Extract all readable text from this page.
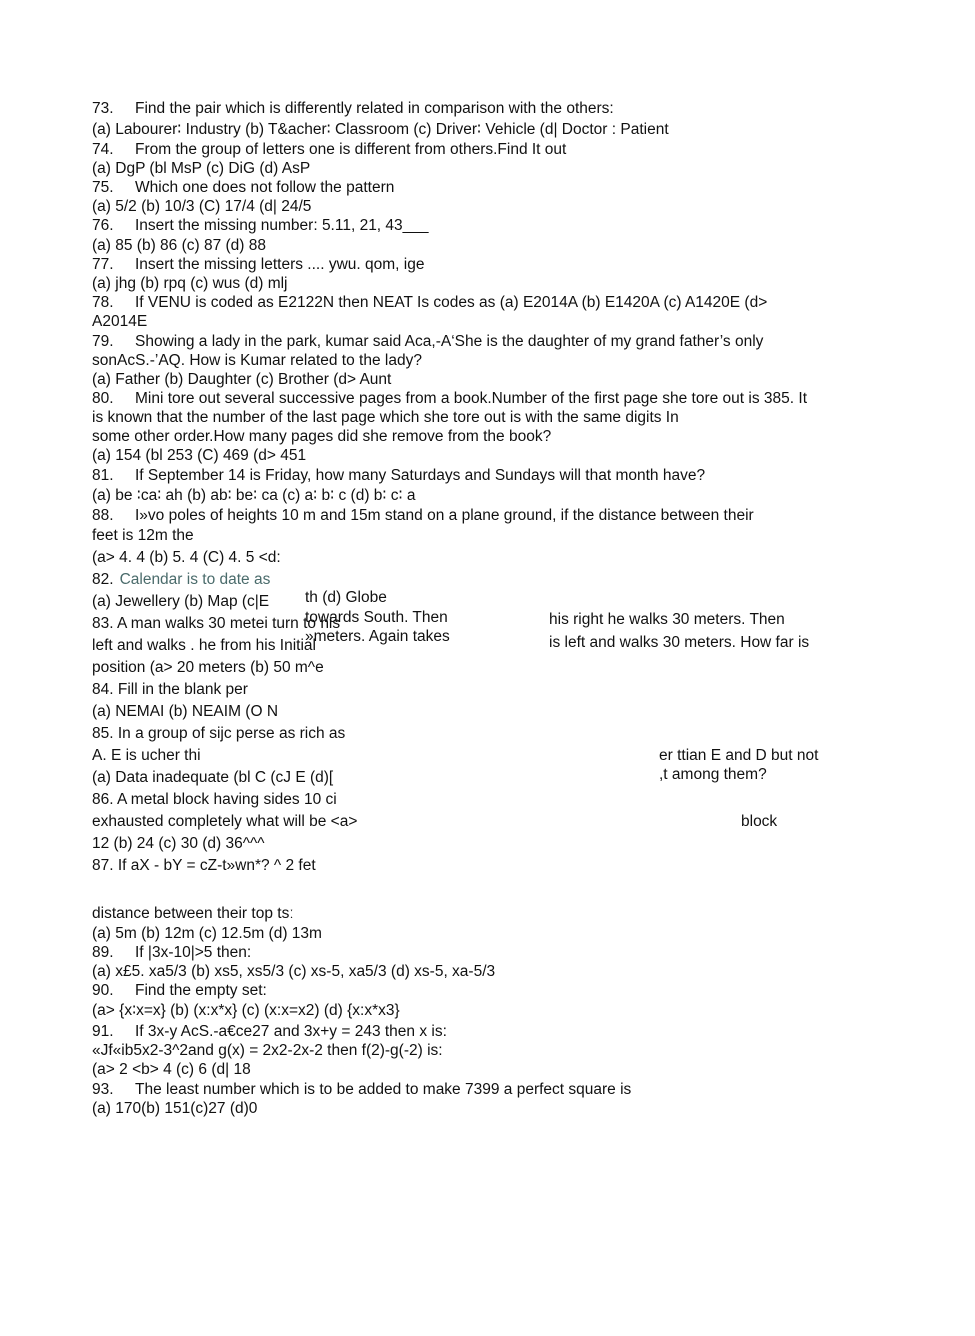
73. Find the pair which is differently related in comparison with the others:
(a) Labourer∶ Industry (b) T&acher∶ Classroom (c) Driver∶ Vehicle (d| Doctor : Patient
74. From the group of letters one is different from others.Find It out
(a) DgP (bl MsP (c) DiG (d) AsP
75. Which one does not follow the pattern
(a) 5/2 (b) 10/3 (C) 17/4 (d| 24/5
76. Insert the missing number: 5.11, 21, 43___
(a) 85 (b) 86 (c) 87 (d) 88
77. Insert the missing letters .... ywu. qom, ige
(a) jhg (b) rpq (c) wus (d) mlj
78. If VENU is coded as E2122N then NEAT Is codes as (a) E2014A (b) E1420A (c) A1420E (d>
A2014E
79. Showing a lady in the park, kumar said Aca,-A‘She is the daughter of my grand father’s only
sonAcS.-’AQ. How is Kumar related to the lady?
(a) Father (b) Daughter (c) Brother (d> Aunt
80. Mini tore out several successive pages from a book.Number of the first page she tore out is 385. It
is known that the number of the last page which she tore out is with the same digits In
some other order.How many pages did she remove from the book?
(a) 154 (bl 253 (C) 469 (d> 451
81. If September 14 is Friday, how many Saturdays and Sundays will that month have?
(a) be ∶ca∶ ah (b) ab∶ be∶ ca (c) a∶ b∶ c (d) b∶ c∶ a
88. I»vo poles of heights 10 m and 15m stand on a plane ground, if the distance between their
feet is 12m the
(a> 4. 4 (b) 5. 4 (C) 4. 5 <d:
82. Calendar is to date as
(a) Jewellery (b) Map (c|E th (d) Globe
83. A man walks 30 metei turn to his
towards South. Then	his right he walks 30 meters. Then
left and walks . he from his Initial
»meters. Again takes	is left and walks 30 meters. How far is
position (a> 20 meters (b) 50 m^e
84. Fill in the blank per
(a) NEMAI (b) NEAIM (O N
85. In a group of sijc perse as rich as
A. E is ucher thi	er ttian E and D but not
(a) Data inadequate (bl C (cJ E (d)[	,t among them?
86. A metal block having sides 10 ci
exhausted completely what will be <a>	block
12 (b) 24 (c) 30 (d) 36^^^
87. If aX - bY = cZ-t»wn*? ^ 2 fet
distance between their top tsː
(a) 5m (b) 12m (c) 12.5m (d) 13m
89. If |3x-10|>5 then:
(a) x£5. xa5/3 (b) xs5, xs5/3 (c) xs-5, xa5/3 (d) xs-5, xa-5/3
90. Find the empty set:
(a> {x∶x=x} (b) (x:x*x} (c) (x:x=x2) (d) {x:x*x3}
91. If 3x-y AcS.-a€ce27 and 3x+y = 243 then x is:
«Jf«ib5x2-3^2and g(x) = 2x2-2x-2 then f(2)-g(-2) is:
(a> 2 <b> 4 (c) 6 (d| 18
93. The least number which is to be added to make 7399 a perfect square is
(a) 170(b) 151(c)27 (d)0
